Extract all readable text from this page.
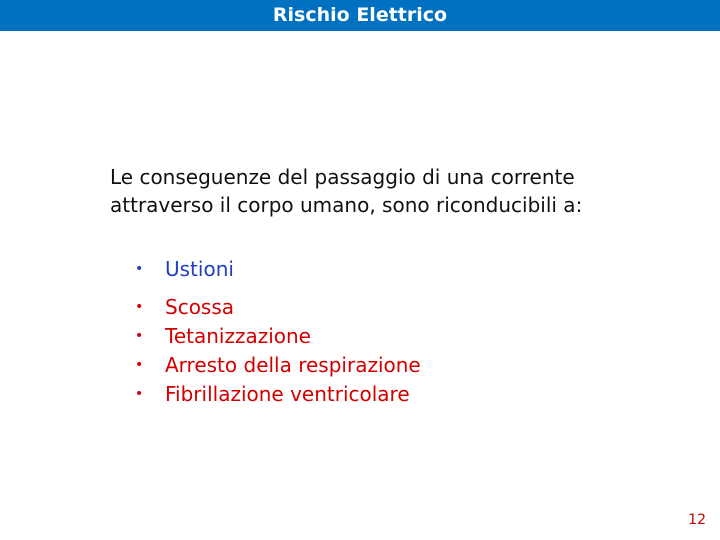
Rischio Elettrico

Le conseguenze del passaggio di una corrente attraverso il corpo umano, sono riconducibili a:

• Ustioni
• Scossa
• Tetanizzazione
• Arresto della respirazione
• Fibrillazione ventricolare
12
